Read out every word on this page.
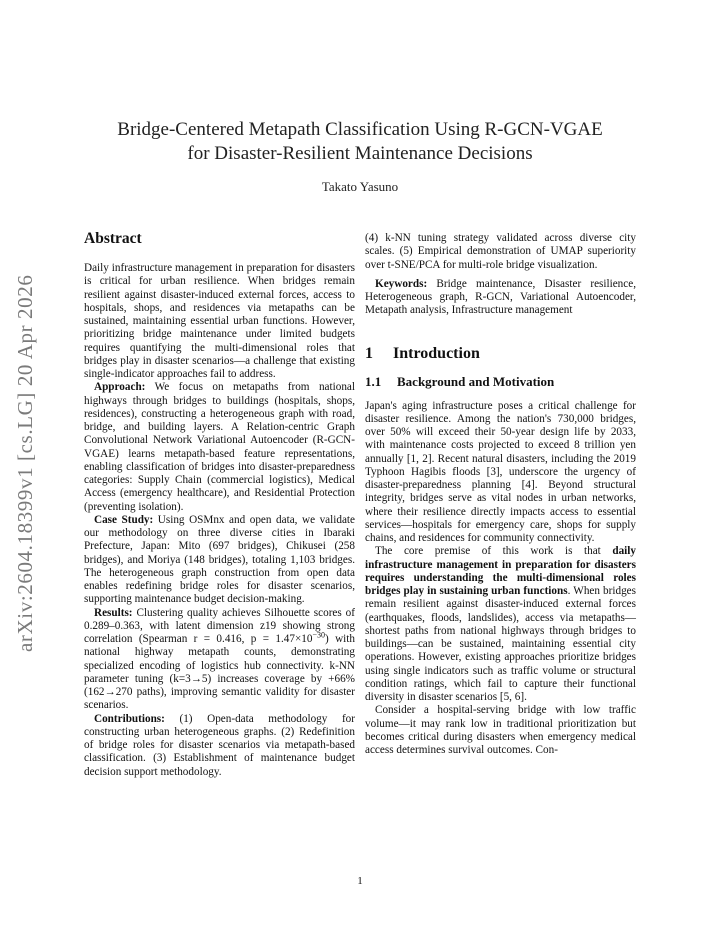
arXiv:2604.18399v1 [cs.LG] 20 Apr 2026
Bridge-Centered Metapath Classification Using R-GCN-VGAE
for Disaster-Resilient Maintenance Decisions
Takato Yasuno
Abstract

Daily infrastructure management in preparation for disasters is critical for urban resilience. When bridges remain resilient against disaster-induced external forces, access to hospitals, shops, and residences via metapaths can be sustained, maintaining essential urban functions. However, prioritizing bridge maintenance under limited budgets requires quantifying the multi-dimensional roles that bridges play in disaster scenarios—a challenge that existing single-indicator approaches fail to address.

Approach: We focus on metapaths from national highways through bridges to buildings (hospitals, shops, residences), constructing a heterogeneous graph with road, bridge, and building layers. A Relation-centric Graph Convolutional Network Variational Autoencoder (R-GCN-VGAE) learns metapath-based feature representations, enabling classification of bridges into disaster-preparedness categories: Supply Chain (commercial logistics), Medical Access (emergency healthcare), and Residential Protection (preventing isolation).

Case Study: Using OSMnx and open data, we validate our methodology on three diverse cities in Ibaraki Prefecture, Japan: Mito (697 bridges), Chikusei (258 bridges), and Moriya (148 bridges), totaling 1,103 bridges. The heterogeneous graph construction from open data enables redefining bridge roles for disaster scenarios, supporting maintenance budget decision-making.

Results: Clustering quality achieves Silhouette scores of 0.289–0.363, with latent dimension z19 showing strong correlation (Spearman r = 0.416, $p = 1.47\times 10^{-30}$) with national highway metapath counts, demonstrating specialized encoding of logistics hub connectivity. k-NN parameter tuning (k=3→5) increases coverage by +66% (162→270 paths), improving semantic validity for disaster scenarios.

Contributions: (1) Open-data methodology for constructing urban heterogeneous graphs. (2) Redefinition of bridge roles for disaster scenarios via metapath-based classification. (3) Establishment of maintenance budget decision support methodology.

(4) k-NN tuning strategy validated across diverse city scales. (5) Empirical demonstration of UMAP superiority over t-SNE/PCA for multi-role bridge visualization.

Keywords: Bridge maintenance, Disaster resilience, Heterogeneous graph, R-GCN, Variational Autoencoder, Metapath analysis, Infrastructure management

1 Introduction
1.1 Background and Motivation

Japan's aging infrastructure poses a critical challenge for disaster resilience. Among the nation's 730,000 bridges, over 50% will exceed their 50-year design life by 2033, with maintenance costs projected to exceed 8 trillion yen annually [1, 2]. Recent natural disasters, including the 2019 Typhoon Hagibis floods [3], underscore the urgency of disaster-preparedness planning [4]. Beyond structural integrity, bridges serve as vital nodes in urban networks, where their resilience directly impacts access to essential services—hospitals for emergency care, shops for supply chains, and residences for community connectivity.

The core premise of this work is that daily infrastructure management in preparation for disasters requires understanding the multi-dimensional roles bridges play in sustaining urban functions. When bridges remain resilient against disaster-induced external forces (earthquakes, floods, landslides), access via metapaths—shortest paths from national highways through bridges to buildings—can be sustained, maintaining essential city operations. However, existing approaches prioritize bridges using single indicators such as traffic volume or structural condition ratings, which fail to capture their functional diversity in disaster scenarios [5, 6].

Consider a hospital-serving bridge with low traffic volume—it may rank low in traditional prioritization but becomes critical during disasters when emergency medical access determines survival outcomes. Con-

1
